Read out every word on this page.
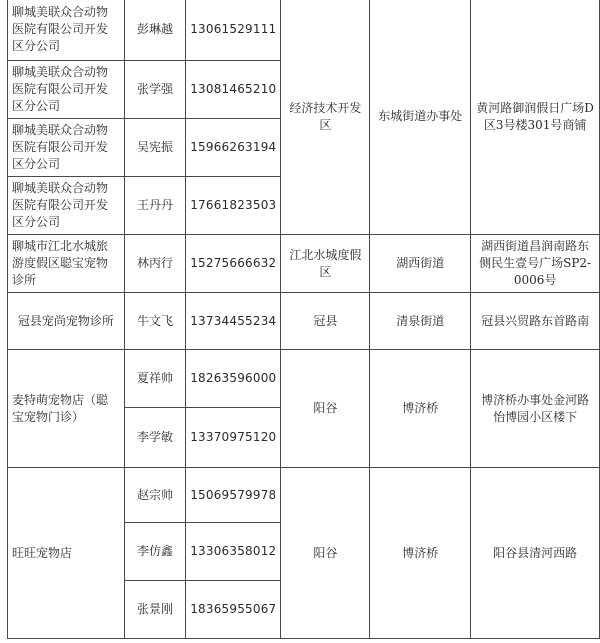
聊城美联众合动物医院有限公司开发区分公司	彭琳越	13061529111	经济技术开发区	东城街道办事处	黄河路御润假日广场D区3号楼301号商铺
聊城美联众合动物医院有限公司开发区分公司	张学强	13081465210			
聊城美联众合动物医院有限公司开发区分公司	吴宪振	15966263194			
聊城美联众合动物医院有限公司开发区分公司	王丹丹	17661823503			
聊城市江北水城旅游度假区聪宝宠物诊所	林丙行	15275666632	江北水城度假区	湖西街道	湖西街道昌润南路东侧民生壹号广场SP2-0006号
冠县宠尚宠物诊所	牛文飞	13734455234	冠县	清泉街道	冠县兴贸路东首路南
麦特萌宠物店（聪宝宠物门诊）	夏祥帅	18263596000	阳谷	博济桥	博济桥办事处金河路怡博园小区楼下
	李学敏	13370975120			
旺旺宠物店	赵宗帅	15069579978	阳谷	博济桥	阳谷县清河西路
	李仿鑫	13306358012			
	张景刚	18365955067			
